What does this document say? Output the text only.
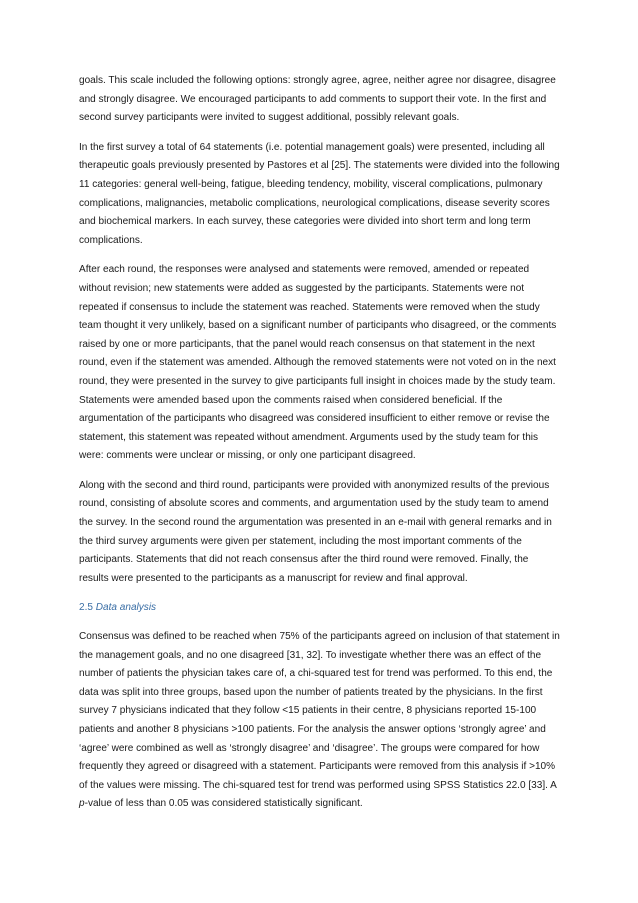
goals. This scale included the following options: strongly agree, agree, neither agree nor disagree, disagree and strongly disagree. We encouraged participants to add comments to support their vote. In the first and second survey participants were invited to suggest additional, possibly relevant goals.

In the first survey a total of 64 statements (i.e. potential management goals) were presented, including all therapeutic goals previously presented by Pastores et al [25]. The statements were divided into the following 11 categories: general well-being, fatigue, bleeding tendency, mobility, visceral complications, pulmonary complications, malignancies, metabolic complications, neurological complications, disease severity scores and biochemical markers. In each survey, these categories were divided into short term and long term complications.

After each round, the responses were analysed and statements were removed, amended or repeated without revision; new statements were added as suggested by the participants. Statements were not repeated if consensus to include the statement was reached. Statements were removed when the study team thought it very unlikely, based on a significant number of participants who disagreed, or the comments raised by one or more participants, that the panel would reach consensus on that statement in the next round, even if the statement was amended. Although the removed statements were not voted on in the next round, they were presented in the survey to give participants full insight in choices made by the study team. Statements were amended based upon the comments raised when considered beneficial. If the argumentation of the participants who disagreed was considered insufficient to either remove or revise the statement, this statement was repeated without amendment. Arguments used by the study team for this were: comments were unclear or missing, or only one participant disagreed.

Along with the second and third round, participants were provided with anonymized results of the previous round, consisting of absolute scores and comments, and argumentation used by the study team to amend the survey. In the second round the argumentation was presented in an e-mail with general remarks and in the third survey arguments were given per statement, including the most important comments of the participants. Statements that did not reach consensus after the third round were removed. Finally, the results were presented to the participants as a manuscript for review and final approval.

2.5 Data analysis

Consensus was defined to be reached when 75% of the participants agreed on inclusion of that statement in the management goals, and no one disagreed [31, 32]. To investigate whether there was an effect of the number of patients the physician takes care of, a chi-squared test for trend was performed. To this end, the data was split into three groups, based upon the number of patients treated by the physicians. In the first survey 7 physicians indicated that they follow <15 patients in their centre, 8 physicians reported 15-100 patients and another 8 physicians >100 patients. For the analysis the answer options ‘strongly agree’ and ‘agree’ were combined as well as ‘strongly disagree’ and ‘disagree’. The groups were compared for how frequently they agreed or disagreed with a statement. Participants were removed from this analysis if >10% of the values were missing. The chi-squared test for trend was performed using SPSS Statistics 22.0 [33]. A p-value of less than 0.05 was considered statistically significant.
